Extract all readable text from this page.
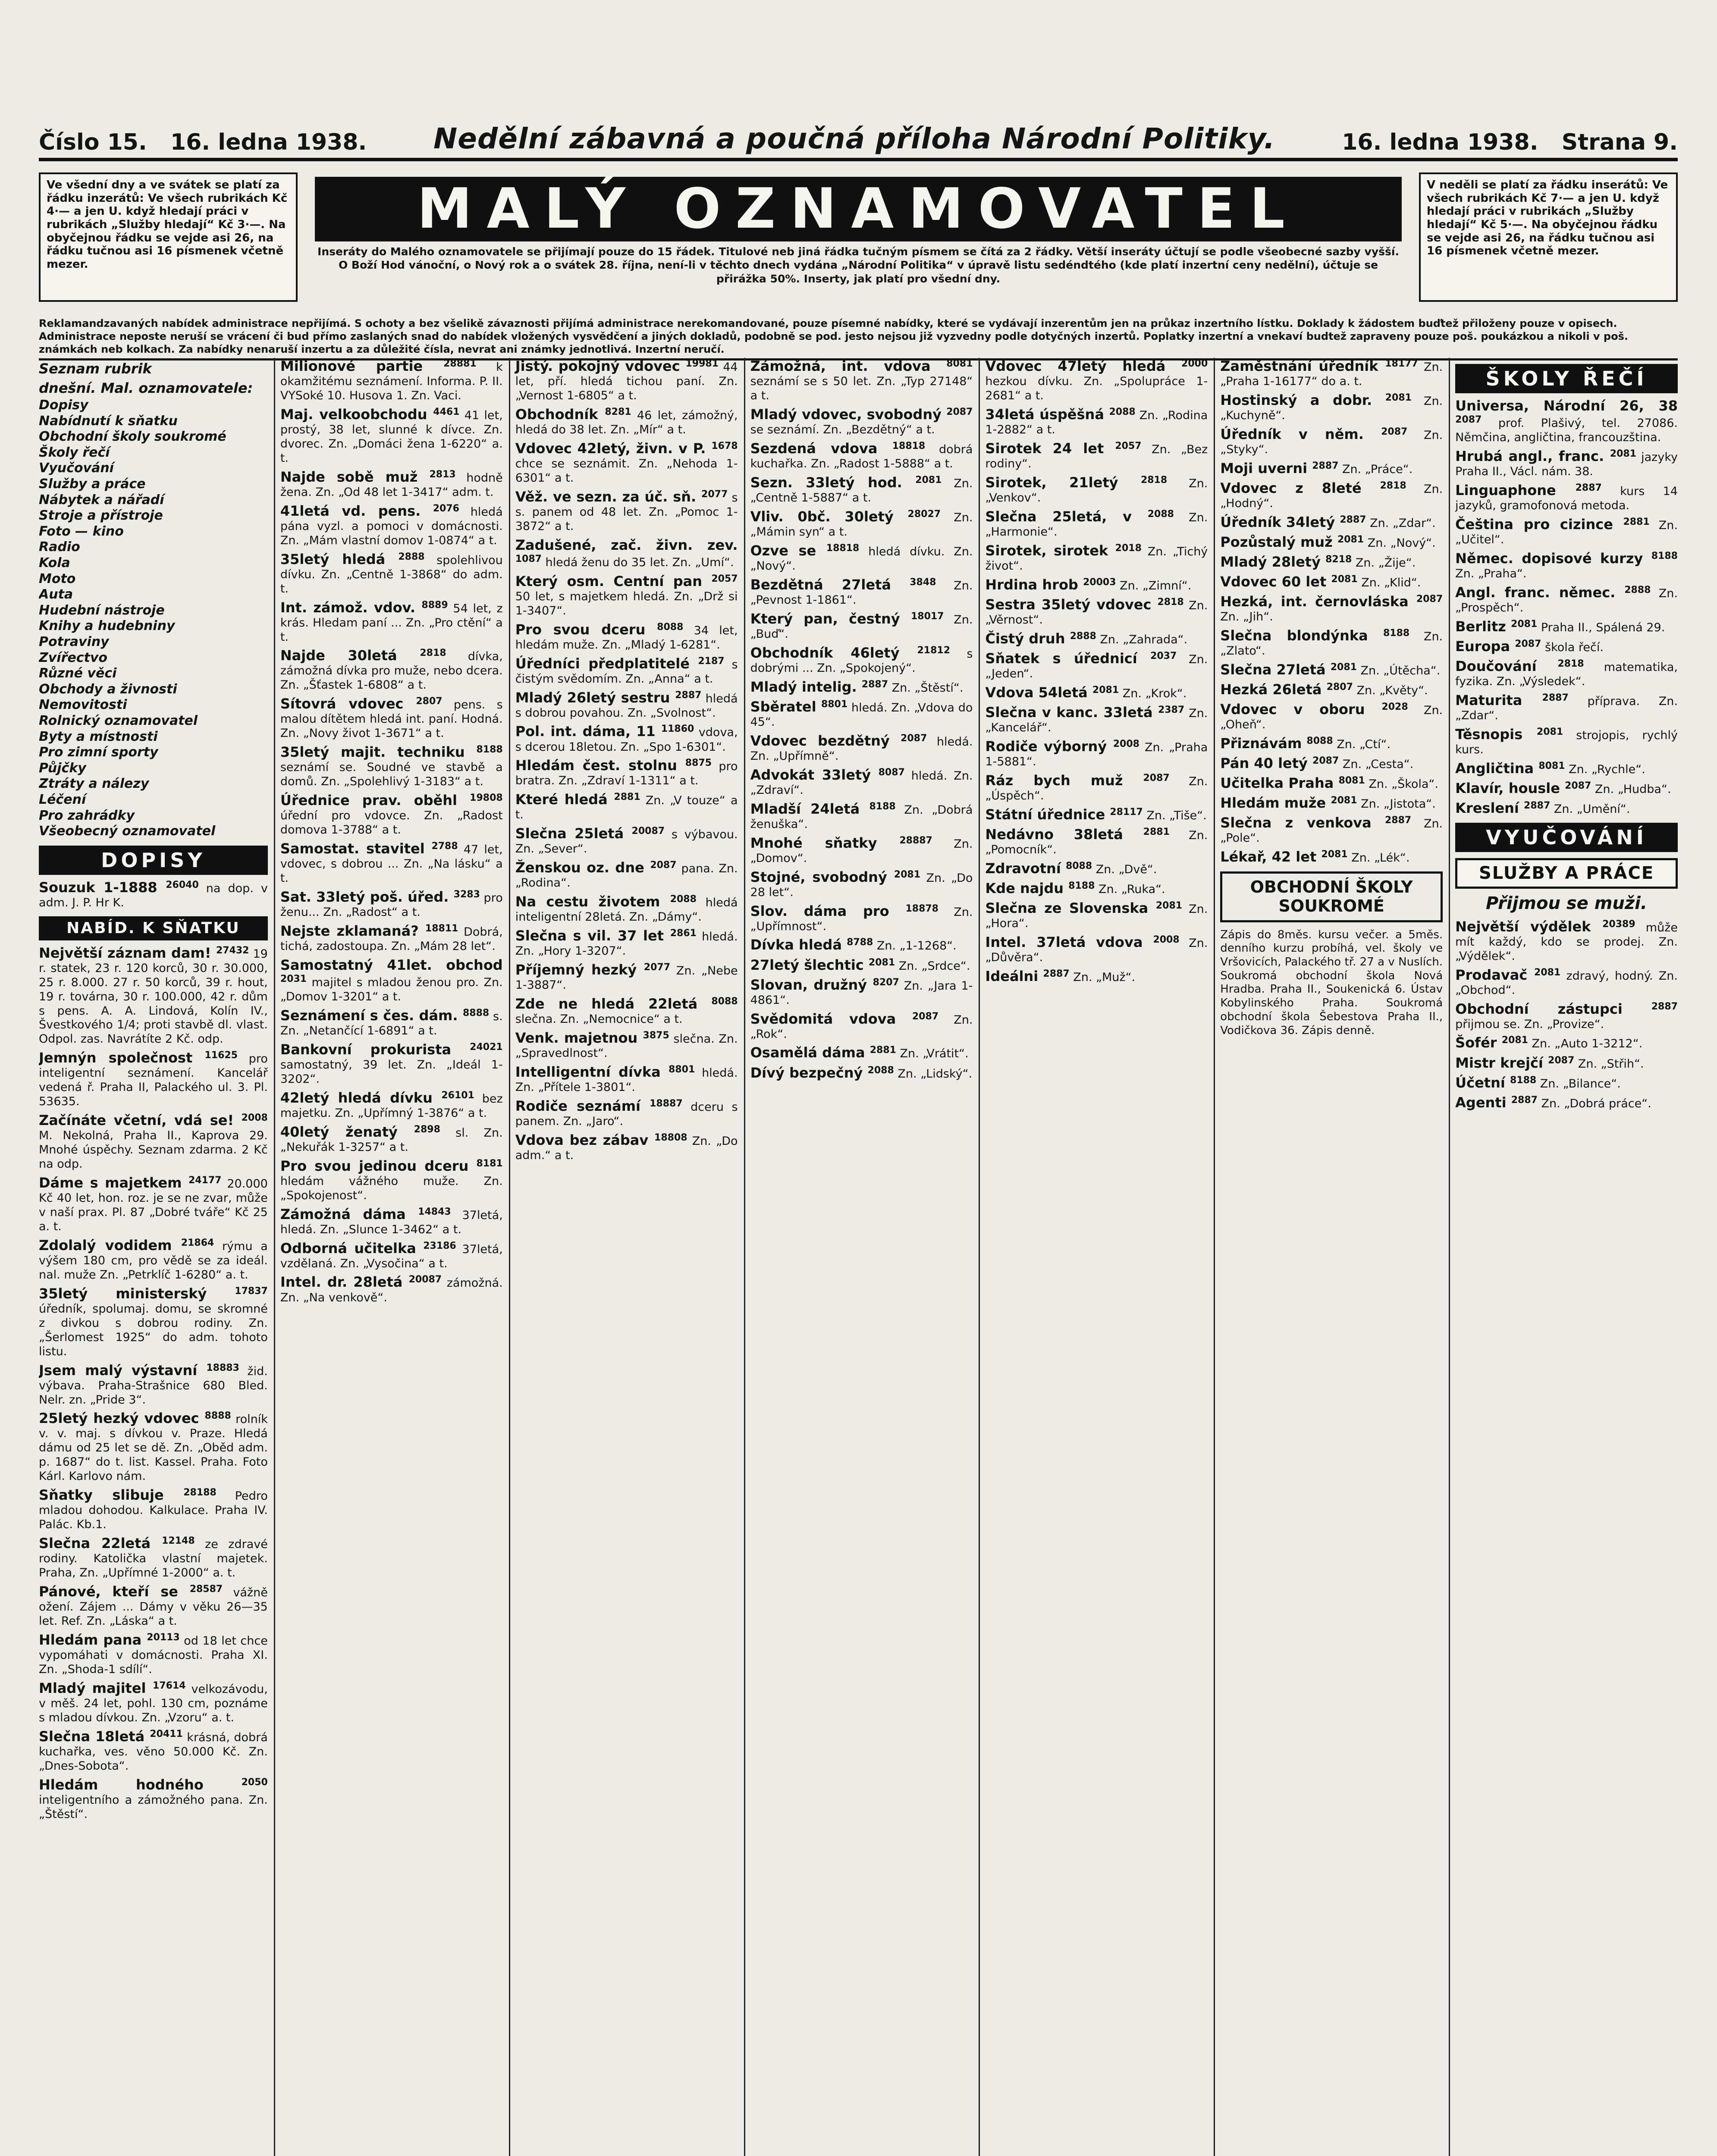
Číslo 15. 16. ledna 1938. Nedělní zábavná a poučná příloha Národní Politiky.	16. ledna 1938. Strana 9.
Ve všední dny a ve svátek se platí za řádku inzerátů: Ve všech rubrikách Kč 4·— a jen U. když hledají práci v rubrikách „Služby hledají“ Kč 3·—. Na obyčejnou řádku se vejde asi 26, na řádku tučnou asi 16 písmenek včetně mezer.
MALÝ OZNAMOVATEL
Inseráty do Malého oznamovatele se přijímají pouze do 15 řádek. Titulové neb jiná řádka tučným písmem se čítá za 2 řádky. Větší inseráty účtují se podle všeobecné sazby vyšší. O Boží Hod vánoční, o Nový rok a o svátek 28. října, není-li v těchto dnech vydána „Národní Politika“ v úpravě listu sedéndtého (kde platí inzertní ceny nedělní), účtuje se přirážka 50%. Inserty, jak platí pro všední dny.
V neděli se platí za řádku inserátů: Ve všech rubrikách Kč 7·— a jen U. když hledají práci v rubrikách „Služby hledají“ Kč 5·—. Na obyčejnou řádku se vejde asi 26, na řádku tučnou asi 16 písmenek včetně mezer.
Reklamandzavaných nabídek administrace nepřijímá. S ochoty a bez všelikě závaznosti přijímá administrace nerekomandované, pouze písemné nabídky, které se vydávají inzerentům jen na průkaz inzertního lístku. Doklady k žádostem buďtež přiloženy pouze v opisech. Administrace neposte neruší se vrácení či bud přímo zaslaných snad do nabídek vložených vysvědčení a jiných dokladů, podobně se pod. jesto nejsou již vyzvedny podle dotyčných inzertů. Poplatky inzertní a vnekaví budtež zapraveny pouze poš. poukázkou a nikoli v poš. známkách neb kolkach. Za nabídky nenaruší inzertu a za důležité čísla, nevrat ani známky jednotlivá. Inzertní neručí.
Seznam rubrik
dnešní. Mal. oznamovatele:
Dopisy
Nabídnutí k sňatku
Obchodní školy soukromé
Školy řečí
Vyučování
Služby a práce
Nábytek a nářadí
Stroje a přístroje
Foto — kino
Radio
Kola
Moto
Auta
Hudební nástroje
Knihy a hudebniny
Potraviny
Zvířectvo
Různé věci
Obchody a živnosti
Nemovitosti
Rolnický oznamovatel
Byty a místnosti
Pro zimní sporty
Půjčky
Ztráty a nálezy
Léčení
Pro zahrádky
Všeobecný oznamovatel
DOPISY
Souzuk 1-1888 $^{26040}$ na dop. v adm. J. P. Hr K.
NABÍD. K SŇATKU
Největší záznam dam! $^{27432}$ 19 r. statek, 23 r. 120 korců, 30 r. 30.000, 25 r. 8.000. 27 r. 50 korců, 39 r. hout, 19 r. továrna, 30 r. 100.000, 42 r. dům s pens. A. A. Lindová, Kolín IV., Švestkového 1/4; proti stavbě dl. vlast. Odpol. zas. Navrátíte 2 Kč. odp.
Jemnýn společnost $^{11625}$ pro inteligentní seznámení. Kancelář vedená ř. Praha II, Palackého ul. 3. Pl. 53635.
Začínáte včetní, vdá se! $^{2008}$ M. Nekolná, Praha II., Kaprova 29. Mnohé úspěchy. Seznam zdarma. 2 Kč na odp.
Dáme s majetkem $^{24177}$ 20.000 Kč 40 let, hon. roz. je se ne zvar, může v naší prax. Pl. 87 „Dobré tváře“ Kč 25 a. t.
Zdolalý vodidem $^{21864}$ rýmu a výšem 180 cm, pro vědě se za ideál. nal. muže Zn. „Petrklíč 1-6280“ a. t.
35letý ministerský $^{17837}$ úředník, spolumaj. domu, se skromné z divkou s dobrou rodiny. Zn. „Šerlomest 1925“ do adm. tohoto listu.
Jsem malý výstavní $^{18883}$ žid. výbava. Praha-Strašnice 680 Bled. Nelr. zn. „Pride 3“.
25letý hezký vdovec $^{8888}$ rolník v. v. maj. s dívkou v. Praze. Hledá dámu od 25 let se dě. Zn. „Oběd adm. p. 1687“ do t. list. Kassel. Praha. Foto Kárl. Karlovo nám.
Sňatky slibuje $^{28188}$ Pedro mladou dohodou. Kalkulace. Praha IV. Palác. Kb.1.
Slečna 22letá $^{12148}$ ze zdravé rodiny. Katolička vlastní majetek. Praha, Zn. „Upřímné 1-2000“ a. t.
Pánové, kteří se $^{28587}$ vážně ožení. Zájem ... Dámy v věku 26—35 let. Ref. Zn. „Láska“ a t.
Hledám pana $^{20113}$ od 18 let chce vypomáhati v domácnosti. Praha XI. Zn. „Shoda-1 sdílí“.
Mladý majitel $^{17614}$ velkozávodu, v měš. 24 let, pohl. 130 cm, poznáme s mladou dívkou. Zn. „Vzoru“ a. t.
Slečna 18letá $^{20411}$ krásná, dobrá kuchařka, ves. věno 50.000 Kč. Zn. „Dnes-Sobota“.
Hledám hodného $^{2050}$ inteligentního a zámožného pana. Zn. „Štěstí“.
Milionové partie $^{28881}$ k okamžitému seznámení. Informa. P. II. VYSoké 10. Husova 1. Zn. Vaci.
Maj. velkoobchodu $^{4461}$ 41 let, prostý, 38 let, slunné k dívce. Zn. dvorec. Zn. „Domáci žena 1-6220“ a. t.
Najde sobě muž $^{2813}$ hodně žena. Zn. „Od 48 let 1-3417“ adm. t.
41letá vd. pens. $^{2076}$ hledá pána vyzl. a pomoci v domácnosti. Zn. „Mám vlastní domov 1-0874“ a t.
35letý hledá $^{2888}$ spolehlivou dívku. Zn. „Centně 1-3868“ do adm. t.
Int. zámož. vdov. $^{8889}$ 54 let, z krás. Hledam paní ... Zn. „Pro ctění“ a t.
Najde 30letá $^{2818}$ dívka, zámožná dívka pro muže, nebo dcera. Zn. „Šťastek 1-6808“ a t.
Sítovrá vdovec $^{2807}$ pens. s malou dítětem hledá int. paní. Hodná. Zn. „Novy život 1-3671“ a t.
35letý majit. techniku $^{8188}$ seznámí se. Soudné ve stavbě a domů. Zn. „Spolehlivý 1-3183“ a t.
Úřednice prav. oběhl $^{19808}$ úřední pro vdovce. Zn. „Radost domova 1-3788“ a t.
Samostat. stavitel $^{2788}$ 47 let, vdovec, s dobrou ... Zn. „Na lásku“ a t.
Sat. 33letý poš. úřed. $^{3283}$ pro ženu... Zn. „Radost“ a t.
Nejste zklamaná? $^{18811}$ Dobrá, tichá, zadostoupa. Zn. „Mám 28 let“.
Samostatný 41let. obchod $^{2031}$ majitel s mladou ženou pro. Zn. „Domov 1-3201“ a t.
Seznámení s čes. dám. $^{8888}$ s. Zn. „Netančící 1-6891“ a t.
Bankovní prokurista $^{24021}$ samostatný, 39 let. Zn. „Ideál 1-3202“.
42letý hledá dívku $^{26101}$ bez majetku. Zn. „Upřímný 1-3876“ a t.
40letý ženatý $^{2898}$ sl. Zn. „Nekuřák 1-3257“ a t.
Pro svou jedinou dceru $^{8181}$ hledám vážného muže. Zn. „Spokojenost“.
Zámožná dáma $^{14843}$ 37letá, hledá. Zn. „Slunce 1-3462“ a t.
Odborná učitelka $^{23186}$ 37letá, vzdělaná. Zn. „Vysočina“ a t.
Intel. dr. 28letá $^{20087}$ zámožná. Zn. „Na venkově“.
Jistý. pokojný vdovec $^{19981}$ 44 let, pří. hledá tichou paní. Zn. „Vernost 1-6805“ a t.
Obchodník $^{8281}$ 46 let, zámožný, hledá do 38 let. Zn. „Mír“ a t.
Vdovec 42letý, živn. v P. $^{1678}$ chce se seznámit. Zn. „Nehoda 1-6301“ a t.
Věž. ve sezn. za úč. sň. $^{2077}$ s s. panem od 48 let. Zn. „Pomoc 1-3872“ a t.
Zadušené, zač. živn. zev. $^{1087}$ hledá ženu do 35 let. Zn. „Umí“.
Který osm. Centní pan $^{2057}$ 50 let, s majetkem hledá. Zn. „Drž si 1-3407“.
Pro svou dceru $^{8088}$ 34 let, hledám muže. Zn. „Mladý 1-6281“.
Úředníci předplatitelé $^{2187}$ s čistým svědomím. Zn. „Anna“ a t.
Mladý 26letý sestru $^{2887}$ hledá s dobrou povahou. Zn. „Svolnost“.
Pol. int. dáma, 11 $^{11860}$ vdova, s dcerou 18letou. Zn. „Spo 1-6301“.
Hledám čest. stolnu $^{8875}$ pro bratra. Zn. „Zdraví 1-1311“ a t.
Které hledá $^{2881}$ Zn. „V touze“ a t.
Slečna 25letá $^{20087}$ s výbavou. Zn. „Sever“.
Ženskou oz. dne $^{2087}$ pana. Zn. „Rodina“.
Na cestu životem $^{2088}$ hledá inteligentní 28letá. Zn. „Dámy“.
Slečna s vil. 37 let $^{2861}$ hledá. Zn. „Hory 1-3207“.
Příjemný hezký $^{2077}$ Zn. „Nebe 1-3887“.
Zde ne hledá 22letá $^{8088}$ slečna. Zn. „Nemocnice“ a t.
Venk. majetnou $^{3875}$ slečna. Zn. „Spravedlnost“.
Intelligentní dívka $^{8801}$ hledá. Zn. „Přítele 1-3801“.
Rodiče seznámí $^{18887}$ dceru s panem. Zn. „Jaro“.
Vdova bez zábav $^{18808}$ Zn. „Do adm.“ a t.
Zámožná, int. vdova $^{8081}$ seznámí se s 50 let. Zn. „Typ 27148“ a t.
Mladý vdovec, svobodný $^{2087}$ se seznámí. Zn. „Bezdětný“ a t.
Sezdená vdova $^{18818}$ dobrá kuchařka. Zn. „Radost 1-5888“ a t.
Sezn. 33letý hod. $^{2081}$ Zn. „Centně 1-5887“ a t.
Vliv. 0bč. 30letý $^{28027}$ Zn. „Mámin syn“ a t.
Ozve se $^{18818}$ hledá dívku. Zn. „Nový“.
Bezdětná 27letá $^{3848}$ Zn. „Pevnost 1-1861“.
Který pan, čestný $^{18017}$ Zn. „Buď“.
Obchodník 46letý $^{21812}$ s dobrými ... Zn. „Spokojený“.
Mladý intelig. $^{2887}$ Zn. „Štěstí“.
Sběratel $^{8801}$ hledá. Zn. „Vdova do 45“.
Vdovec bezdětný $^{2087}$ hledá. Zn. „Upřímně“.
Advokát 33letý $^{8087}$ hledá. Zn. „Zdraví“.
Mladší 24letá $^{8188}$ Zn. „Dobrá ženuška“.
Mnohé sňatky $^{28887}$ Zn. „Domov“.
Stojné, svobodný $^{2081}$ Zn. „Do 28 let“.
Slov. dáma pro $^{18878}$ Zn. „Upřímnost“.
Dívka hledá $^{8788}$ Zn. „1-1268“.
27letý šlechtic $^{2081}$ Zn. „Srdce“.
Slovan, družný $^{8207}$ Zn. „Jara 1-4861“.
Svědomitá vdova $^{2087}$ Zn. „Rok“.
Osamělá dáma $^{2881}$ Zn. „Vrátit“.
Dívý bezpečný $^{2088}$ Zn. „Lidský“.
Vdovec 47letý hledá $^{2000}$ hezkou dívku. Zn. „Spolupráce 1-2681“ a t.
34letá úspěšná $^{2088}$ Zn. „Rodina 1-2882“ a t.
Sirotek 24 let $^{2057}$ Zn. „Bez rodiny“.
Sirotek, 21letý $^{2818}$ Zn. „Venkov“.
Slečna 25letá, v $^{2088}$ Zn. „Harmonie“.
Sirotek, sirotek $^{2018}$ Zn. „Tichý život“.
Hrdina hrob $^{20003}$ Zn. „Zimní“.
Sestra 35letý vdovec $^{2818}$ Zn. „Věrnost“.
Čistý druh $^{2888}$ Zn. „Zahrada“.
Sňatek s úřednicí $^{2037}$ Zn. „Jeden“.
Vdova 54letá $^{2081}$ Zn. „Krok“.
Slečna v kanc. 33letá $^{2387}$ Zn. „Kancelář“.
Rodiče výborný $^{2008}$ Zn. „Praha 1-5881“.
Ráz bych muž $^{2087}$ Zn. „Úspěch“.
Státní úřednice $^{28117}$ Zn. „Tiše“.
Nedávno 38letá $^{2881}$ Zn. „Pomocník“.
Zdravotní $^{8088}$ Zn. „Dvě“.
Kde najdu $^{8188}$ Zn. „Ruka“.
Slečna ze Slovenska $^{2081}$ Zn. „Hora“.
Intel. 37letá vdova $^{2008}$ Zn. „Důvěra“.
Ideálni $^{2887}$ Zn. „Muž“.
Zaměstnání úředník $^{18177}$ Zn. „Praha 1-16177“ do a. t.
Hostinský a dobr. $^{2081}$ Zn. „Kuchyně“.
Úředník v něm. $^{2087}$ Zn. „Styky“.
Moji uverni $^{2887}$ Zn. „Práce“.
Vdovec z 8leté $^{2818}$ Zn. „Hodný“.
Úředník 34letý $^{2887}$ Zn. „Zdar“.
Pozůstalý muž $^{2081}$ Zn. „Nový“.
Mladý 28letý $^{8218}$ Zn. „Žije“.
Vdovec 60 let $^{2081}$ Zn. „Klid“.
Hezká, int. černovláska $^{2087}$ Zn. „Jih“.
Slečna blondýnka $^{8188}$ Zn. „Zlato“.
Slečna 27letá $^{2081}$ Zn. „Útěcha“.
Hezká 26letá $^{2807}$ Zn. „Květy“.
Vdovec v oboru $^{2028}$ Zn. „Oheň“.
Přiznávám $^{8088}$ Zn. „Ctí“.
Pán 40 letý $^{2087}$ Zn. „Cesta“.
Učitelka Praha $^{8081}$ Zn. „Škola“.
Hledám muže $^{2081}$ Zn. „Jistota“.
Slečna z venkova $^{2887}$ Zn. „Pole“.
Lékař, 42 let $^{2081}$ Zn. „Lék“.
OBCHODNÍ ŠKOLY SOUKROMÉ
Zápis do 8měs. kursu večer. a 5měs. denního kurzu probíhá, vel. školy ve Vršovicích, Palackého tř. 27 a v Nuslích. Soukromá obchodní škola Nová Hradba. Praha II., Soukenická 6. Ústav Kobylinského Praha. Soukromá obchodní škola Šebestova Praha II., Vodičkova 36. Zápis denně.
ŠKOLY ŘEČÍ
Universa, Národní 26, 38 $^{2087}$ prof. Plašivý, tel. 27086. Němčina, angličtina, francouzština.
Hrubá angl., franc. $^{2081}$ jazyky Praha II., Václ. nám. 38.
Linguaphone $^{2887}$ kurs 14 jazyků, gramofonová metoda.
Čeština pro cizince $^{2881}$ Zn. „Učitel“.
Němec. dopisové kurzy $^{8188}$ Zn. „Praha“.
Angl. franc. němec. $^{2888}$ Zn. „Prospěch“.
Berlitz $^{2081}$ Praha II., Spálená 29.
Europa $^{2087}$ škola řečí.
Doučování $^{2818}$ matematika, fyzika. Zn. „Výsledek“.
Maturita $^{2887}$ příprava. Zn. „Zdar“.
Těsnopis $^{2081}$ strojopis, rychlý kurs.
Angličtina $^{8081}$ Zn. „Rychle“.
Klavír, housle $^{2087}$ Zn. „Hudba“.
Kreslení $^{2887}$ Zn. „Umění“.
VYUČOVÁNÍ
SLUŽBY A PRÁCE
Přijmou se muži.
Největší výdělek $^{20389}$ může mít každý, kdo se prodej. Zn. „Výdělek“.
Prodavač $^{2081}$ zdravý, hodný. Zn. „Obchod“.
Obchodní zástupci $^{2887}$ přijmou se. Zn. „Provize“.
Šofér $^{2081}$ Zn. „Auto 1-3212“.
Mistr krejčí $^{2087}$ Zn. „Střih“.
Účetní $^{8188}$ Zn. „Bilance“.
Agenti $^{2887}$ Zn. „Dobrá práce“.
